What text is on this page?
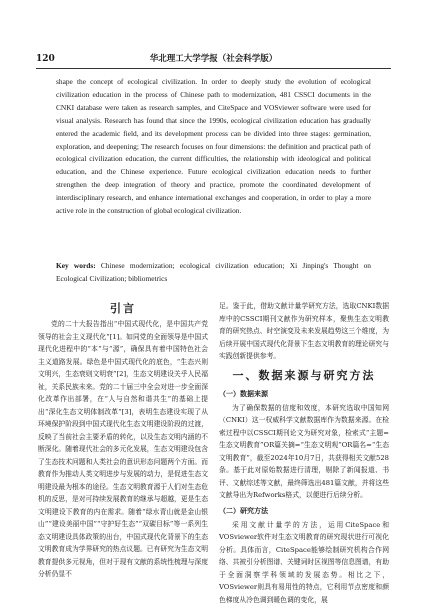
120	华北理工大学学报（社会科学版）

shape the concept of ecological civilization. In order to deeply study the evolution of ecological civilization education in the process of Chinese path to modernization, 481 CSSCI documents in the CNKI database were taken as research samples, and CiteSpace and VOSviewer software were used for visual analysis. Research has found that since the 1990s, ecological civilization education has gradually entered the academic field, and its development process can be divided into three stages: germination, exploration, and deepening; The research focuses on four dimensions: the definition and practical path of ecological civilization education, the current difficulties, the relationship with ideological and political education, and the Chinese experience. Future ecological civilization education needs to further strengthen the deep integration of theory and practice, promote the coordinated development of interdisciplinary research, and enhance international exchanges and cooperation, in order to play a more active role in the construction of global ecological civilization.

Key words: Chinese modernization; ecological civilization education; Xi Jinping's Thought on Ecological Civilization; bibliometrics

引言

党的二十大报告指出“中国式现代化，是中国共产党领导的社会主义现代化”[1]。如同党的全面领导是中国式现代化进程中的“本”与“源”，确保具有着中国特色社会主义道路发展。绿色是中国式现代化的底色，“生态兴则文明兴，生态衰则文明衰”[2]，生态文明建设关乎人民福祉，关系民族未来。党的二十届三中全会对进一步全面深化改革作出部署，在“人与自然和谐共生”的基础上提出“深化生态文明体制改革”[3]，表明生态建设实现了从环境保护阶段到中国式现代化生态文明建设阶段的过渡，反映了当前社会主要矛盾的转化，以及生态文明内涵的不断深化。随着现代社会的多元化发展，生态文明建设包含了生态技术问题和人类社会的意识形态问题两个方面。而教育作为推动人类文明进步与发展的动力，是促进生态文明建设最为根本的途径。生态文明教育源于人们对生态危机的反思，是对可持续发展教育的继承与超越，更是生态文明建设下教育的内在需求。随着“绿水青山就是金山银山”“建设美丽中国”“守护好生态”“双碳目标”等一系列生态文明建设具体政策的出台，中国式现代化背景下的生态文明教育成为学界研究的热点议题。已有研究为生态文明教育提供多元视角，但对于现有文献的系统性梳理与深度分析仍显不

足。鉴于此，借助文献计量学研究方法，选取CNKI数据库中的CSSCI期刊文献作为研究样本，聚焦生态文明教育的研究热点、时空演变及未来发展趋势这三个维度，为后续开展中国式现代化背景下生态文明教育的理论研究与实践创新提供参考。

一、数据来源与研究方法
（一）数据来源

为了确保数据的信度和效度，本研究选取中国知网（CNKI）这一权威科学文献数据库作为数据来源。在检索过程中以CSSCI期刊论文为研究对象，检索式“主题=生态文明教育”OR篇关摘=“生态文明观”OR篇名=“生态文明教育”，截至2024年10月7日，共获得相关文献528条。基于此对原始数据进行清理，剔除了新闻报道、书评、文献综述等文献，最终筛选出481篇文献，并将这些文献导出为Refworks格式，以便进行后续分析。

（二）研究方法

采用文献计量学的方法，运用CiteSpace和VOSviewer软件对生态文明教育的研究现状进行可视化分析。具体而言，CiteSpace能够绘制研究机构合作网络、共被引分析图谱、关键词时区视图等信息图谱，有助于全面洞察学科领域的发展态势。相比之下，VOSviewer则具有易用性的特点，它利用节点密度和颜色梯度从冷色调到暖色调的变化，展
